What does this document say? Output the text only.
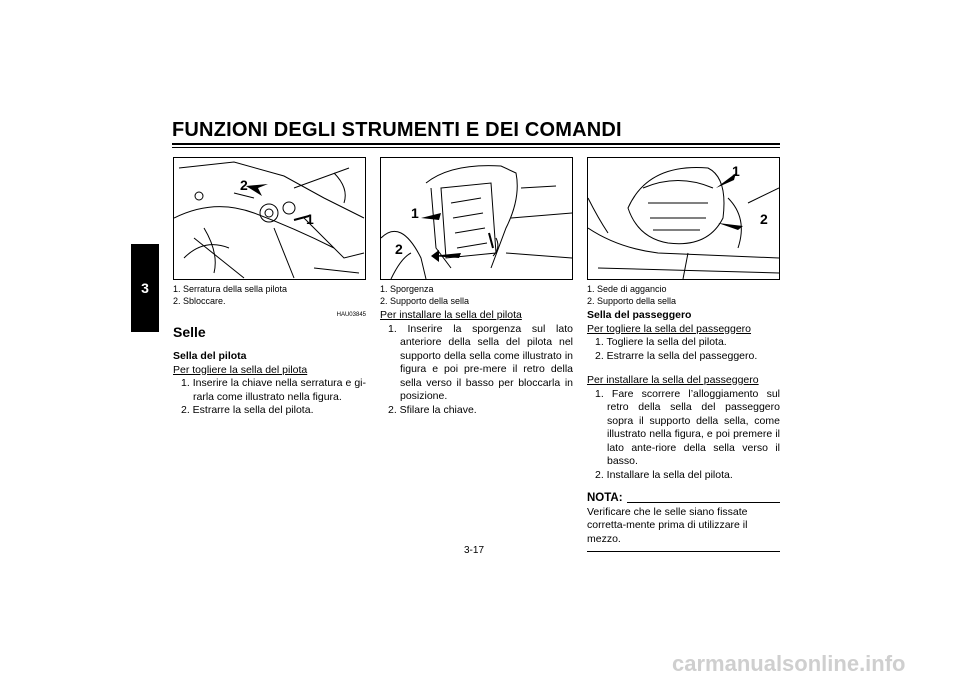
FUNZIONI DEGLI STRUMENTI E DEI COMANDI
3
2
1
1. Serratura della sella pilota
2. Sbloccare.
1
2
1. Sporgenza
2. Supporto della sella
1
2
1. Sede di aggancio
2. Supporto della sella
HAU03845
Selle
Sella del pilota
Per togliere la sella del pilota
1. Inserire la chiave nella serratura e gi-rarla come illustrato nella figura.
2. Estrarre la sella del pilota.
Per installare la sella del pilota
1. Inserire la sporgenza sul lato anteriore della sella del pilota nel supporto della sella come illustrato in figura e poi pre-mere il retro della sella verso il basso per bloccarla in posizione.
2. Sfilare la chiave.
Sella del passeggero
Per togliere la sella del passeggero
1. Togliere la sella del pilota.
2. Estrarre la sella del passeggero.
Per installare la sella del passeggero
1. Fare scorrere l’alloggiamento sul retro della sella del passeggero sopra il supporto della sella, come illustrato nella figura, e poi premere il lato ante-riore della sella verso il basso.
2. Installare la sella del pilota.
NOTA:
Verificare che le selle siano fissate corretta-mente prima di utilizzare il mezzo.
3-17
carmanualsonline.info
